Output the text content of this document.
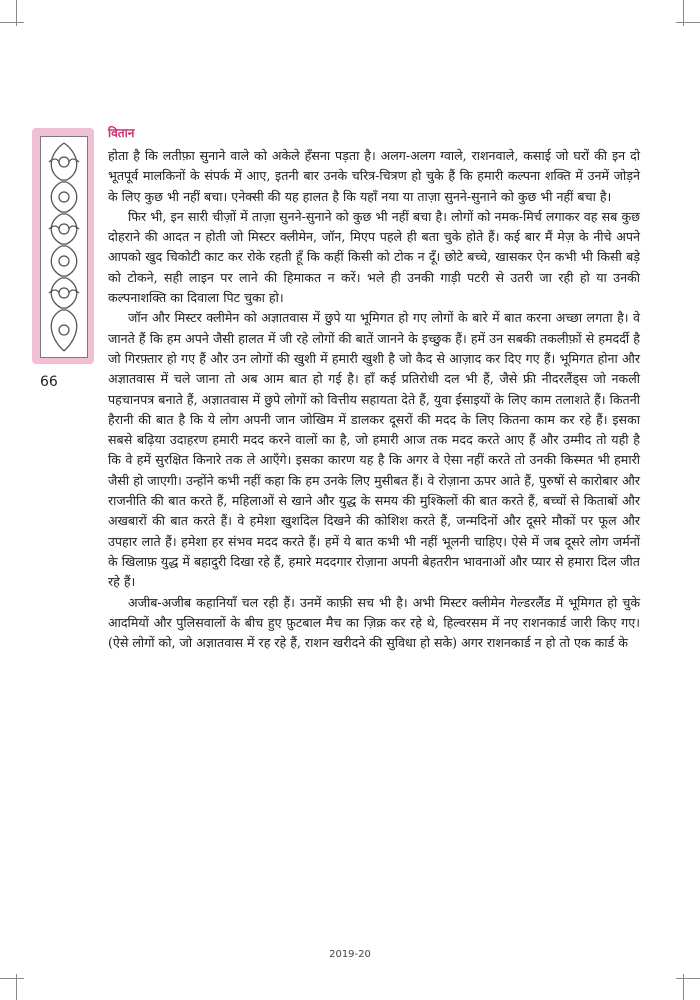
वितान
66

होता है कि लतीफ़ा सुनाने वाले को अकेले हँसना पड़ता है। अलग-अलग ग्वाले, राशनवाले, कसाई जो घरों की इन दो भूतपूर्व मालकिनों के संपर्क में आए, इतनी बार उनके चरित्र-चित्रण हो चुके हैं कि हमारी कल्पना शक्ति में उनमें जोड़ने के लिए कुछ भी नहीं बचा। एनेक्सी की यह हालत है कि यहाँ नया या ताज़ा सुनने-सुनाने को कुछ भी नहीं बचा है।

फिर भी, इन सारी चीज़ों में ताज़ा सुनने-सुनाने को कुछ भी नहीं बचा है। लोगों को नमक-मिर्च लगाकर वह सब कुछ दोहराने की आदत न होती जो मिस्टर क्लीमेन, जॉन, मिएप पहले ही बता चुके होते हैं। कई बार मैं मेज़ के नीचे अपने आपको खुद चिकोटी काट कर रोके रहती हूँ कि कहीं किसी को टोक न दूँ। छोटे बच्चे, खासकर ऐन कभी भी किसी बड़े को टोकने, सही लाइन पर लाने की हिमाकत न करें। भले ही उनकी गाड़ी पटरी से उतरी जा रही हो या उनकी कल्पनाशक्ति का दिवाला पिट चुका हो।

जॉन और मिस्टर क्लीमेन को अज्ञातवास में छुपे या भूमिगत हो गए लोगों के बारे में बात करना अच्छा लगता है। वे जानते हैं कि हम अपने जैसी हालत में जी रहे लोगों की बातें जानने के इच्छुक हैं। हमें उन सबकी तकलीफ़ों से हमदर्दी है जो गिरफ़्तार हो गए हैं और उन लोगों की खुशी में हमारी खुशी है जो कैद से आज़ाद कर दिए गए हैं। भूमिगत होना और अज्ञातवास में चले जाना तो अब आम बात हो गई है। हाँ कई प्रतिरोधी दल भी हैं, जैसे फ्री नीदरलैंड्स जो नकली पहचानपत्र बनाते हैं, अज्ञातवास में छुपे लोगों को वित्तीय सहायता देते हैं, युवा ईसाइयों के लिए काम तलाशते हैं। कितनी हैरानी की बात है कि ये लोग अपनी जान जोखिम में डालकर दूसरों की मदद के लिए कितना काम कर रहे हैं। इसका सबसे बढ़िया उदाहरण हमारी मदद करने वालों का है, जो हमारी आज तक मदद करते आए हैं और उम्मीद तो यही है कि वे हमें सुरक्षित किनारे तक ले आएँगे। इसका कारण यह है कि अगर वे ऐसा नहीं करते तो उनकी किस्मत भी हमारी जैसी हो जाएगी। उन्होंने कभी नहीं कहा कि हम उनके लिए मुसीबत हैं। वे रोज़ाना ऊपर आते हैं, पुरुषों से कारोबार और राजनीति की बात करते हैं, महिलाओं से खाने और युद्ध के समय की मुश्किलों की बात करते हैं, बच्चों से किताबों और अखबारों की बात करते हैं। वे हमेशा खुशदिल दिखने की कोशिश करते हैं, जन्मदिनों और दूसरे मौकों पर फूल और उपहार लाते हैं। हमेशा हर संभव मदद करते हैं। हमें ये बात कभी भी नहीं भूलनी चाहिए। ऐसे में जब दूसरे लोग जर्मनों के खिलाफ़ युद्ध में बहादुरी दिखा रहे हैं, हमारे मददगार रोज़ाना अपनी बेहतरीन भावनाओं और प्यार से हमारा दिल जीत रहे हैं।

अजीब-अजीब कहानियाँ चल रही हैं। उनमें काफ़ी सच भी है। अभी मिस्टर क्लीमेन गेल्डरलैंड में भूमिगत हो चुके आदमियों और पुलिसवालों के बीच हुए फ़ुटबाल मैच का ज़िक्र कर रहे थे, हिल्वरसम में नए राशनकार्ड जारी किए गए। (ऐसे लोगों को, जो अज्ञातवास में रह रहे हैं, राशन खरीदने की सुविधा हो सके) अगर राशनकार्ड न हो तो एक कार्ड के

2019-20
